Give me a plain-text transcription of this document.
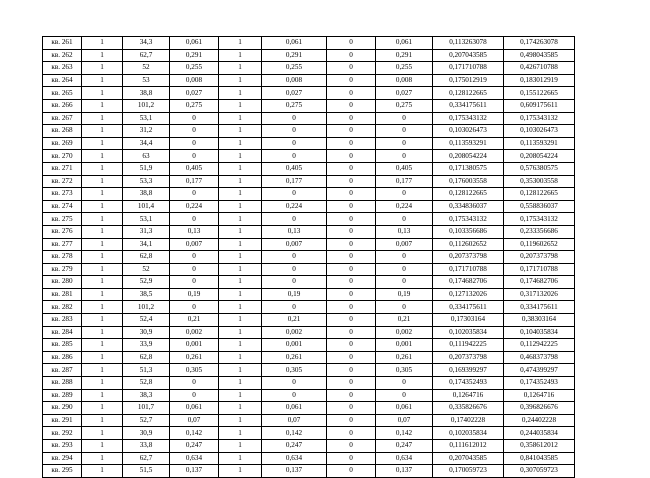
кв. 261	1	34,3	0,061	1	0,061	0	0,061	0,113263078	0,174263078
кв. 262	1	62,7	0,291	1	0,291	0	0,291	0,207043585	0,498043585
кв. 263	1	52	0,255	1	0,255	0	0,255	0,171710788	0,426710788
кв. 264	1	53	0,008	1	0,008	0	0,008	0,175012919	0,183012919
кв. 265	1	38,8	0,027	1	0,027	0	0,027	0,128122665	0,155122665
кв. 266	1	101,2	0,275	1	0,275	0	0,275	0,334175611	0,609175611
кв. 267	1	53,1	0	1	0	0	0	0,175343132	0,175343132
кв. 268	1	31,2	0	1	0	0	0	0,103026473	0,103026473
кв. 269	1	34,4	0	1	0	0	0	0,113593291	0,113593291
кв. 270	1	63	0	1	0	0	0	0,208054224	0,208054224
кв. 271	1	51,9	0,405	1	0,405	0	0,405	0,171380575	0,576380575
кв. 272	1	53,3	0,177	1	0,177	0	0,177	0,176003558	0,353003558
кв. 273	1	38,8	0	1	0	0	0	0,128122665	0,128122665
кв. 274	1	101,4	0,224	1	0,224	0	0,224	0,334836037	0,558836037
кв. 275	1	53,1	0	1	0	0	0	0,175343132	0,175343132
кв. 276	1	31,3	0,13	1	0,13	0	0,13	0,103356686	0,233356686
кв. 277	1	34,1	0,007	1	0,007	0	0,007	0,112602652	0,119602652
кв. 278	1	62,8	0	1	0	0	0	0,207373798	0,207373798
кв. 279	1	52	0	1	0	0	0	0,171710788	0,171710788
кв. 280	1	52,9	0	1	0	0	0	0,174682706	0,174682706
кв. 281	1	38,5	0,19	1	0,19	0	0,19	0,127132026	0,317132026
кв. 282	1	101,2	0	1	0	0	0	0,334175611	0,334175611
кв. 283	1	52,4	0,21	1	0,21	0	0,21	0,17303164	0,38303164
кв. 284	1	30,9	0,002	1	0,002	0	0,002	0,102035834	0,104035834
кв. 285	1	33,9	0,001	1	0,001	0	0,001	0,111942225	0,112942225
кв. 286	1	62,8	0,261	1	0,261	0	0,261	0,207373798	0,468373798
кв. 287	1	51,3	0,305	1	0,305	0	0,305	0,169399297	0,474399297
кв. 288	1	52,8	0	1	0	0	0	0,174352493	0,174352493
кв. 289	1	38,3	0	1	0	0	0	0,1264716	0,1264716
кв. 290	1	101,7	0,061	1	0,061	0	0,061	0,335826676	0,396826676
кв. 291	1	52,7	0,07	1	0,07	0	0,07	0,17402228	0,24402228
кв. 292	1	30,9	0,142	1	0,142	0	0,142	0,102035834	0,244035834
кв. 293	1	33,8	0,247	1	0,247	0	0,247	0,111612012	0,358612012
кв. 294	1	62,7	0,634	1	0,634	0	0,634	0,207043585	0,841043585
кв. 295	1	51,5	0,137	1	0,137	0	0,137	0,170059723	0,307059723
